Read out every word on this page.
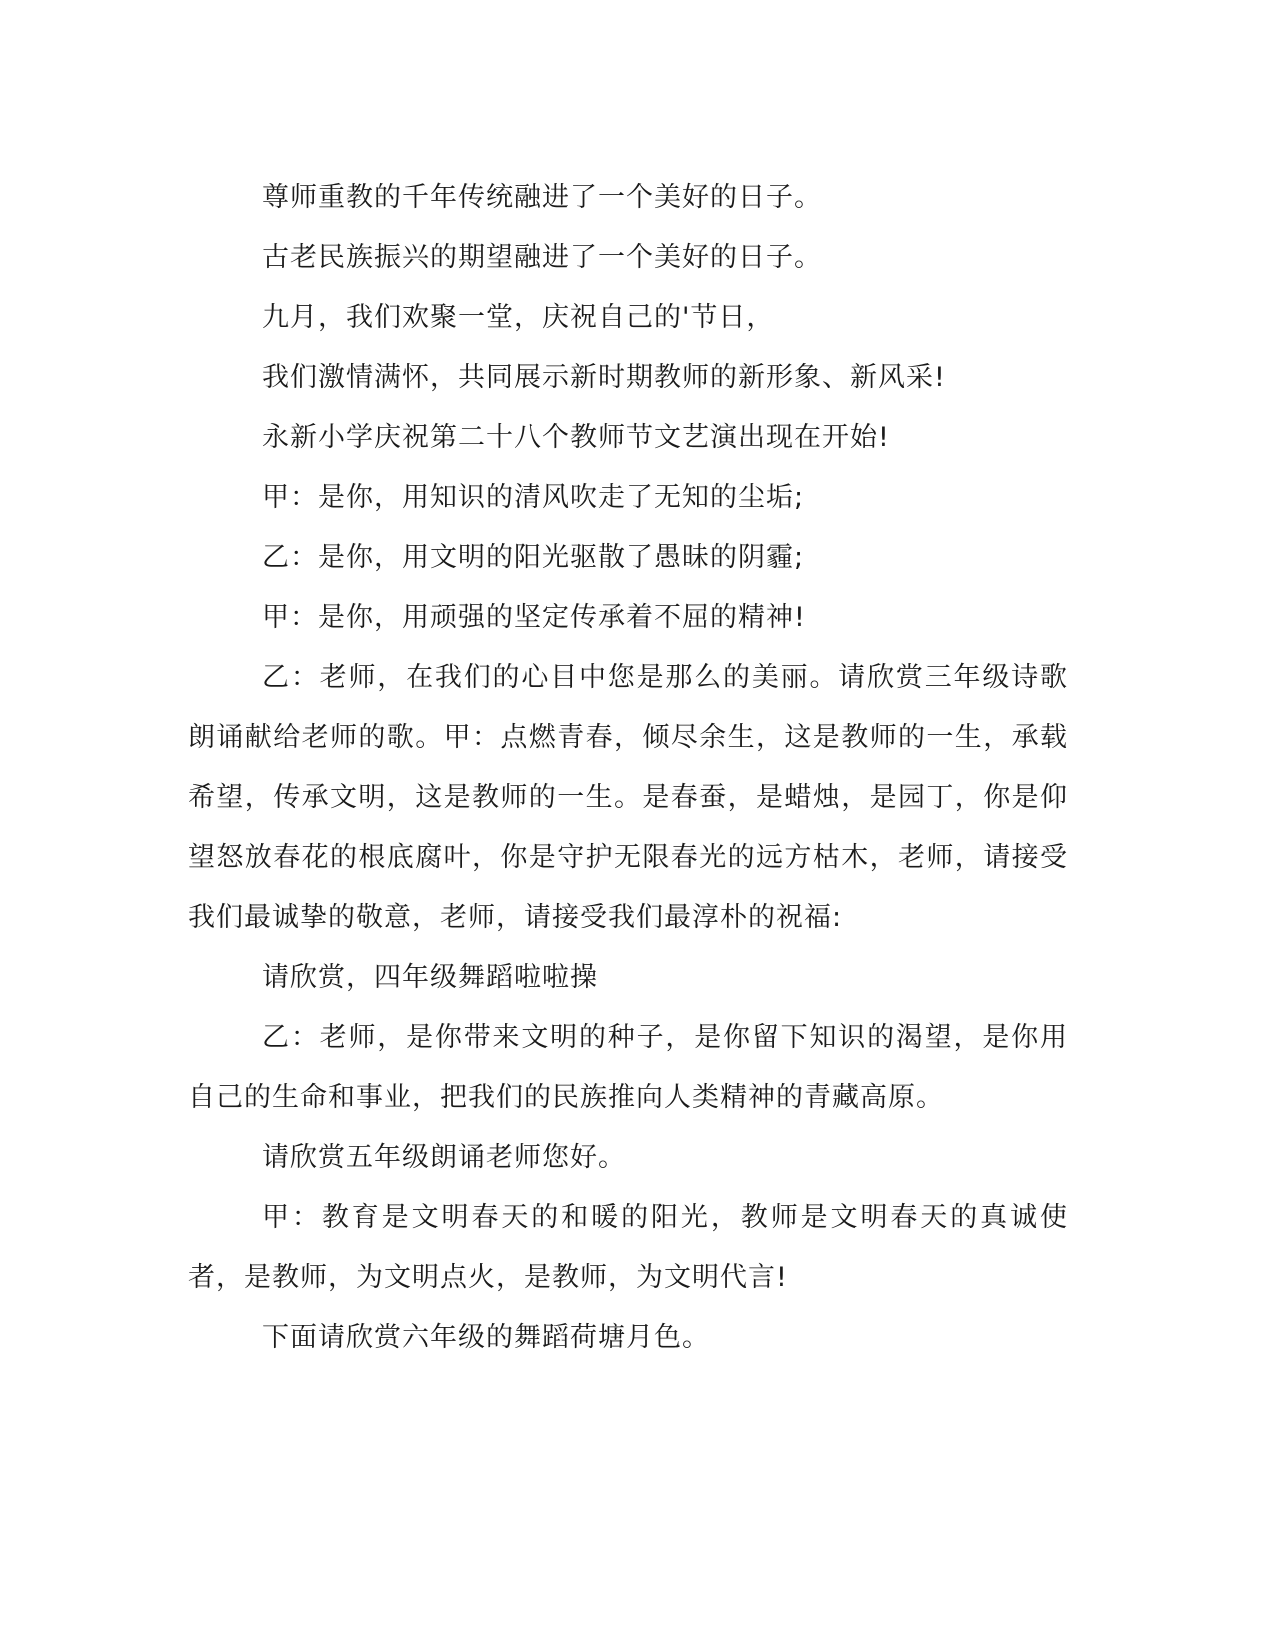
尊师重教的千年传统融进了一个美好的日子。

古老民族振兴的期望融进了一个美好的日子。

九月，我们欢聚一堂，庆祝自己的'节日，

我们激情满怀，共同展示新时期教师的新形象、新风采!

永新小学庆祝第二十八个教师节文艺演出现在开始!

甲：是你，用知识的清风吹走了无知的尘垢;

乙：是你，用文明的阳光驱散了愚昧的阴霾;

甲：是你，用顽强的坚定传承着不屈的精神!

乙：老师，在我们的心目中您是那么的美丽。请欣赏三年级诗歌朗诵献给老师的歌。甲：点燃青春，倾尽余生，这是教师的一生，承载希望，传承文明，这是教师的一生。是春蚕，是蜡烛，是园丁，你是仰望怒放春花的根底腐叶，你是守护无限春光的远方枯木，老师，请接受我们最诚挚的敬意，老师，请接受我们最淳朴的祝福:

请欣赏，四年级舞蹈啦啦操

乙：老师，是你带来文明的种子，是你留下知识的渴望，是你用自己的生命和事业，把我们的民族推向人类精神的青藏高原。

请欣赏五年级朗诵老师您好。

甲：教育是文明春天的和暖的阳光，教师是文明春天的真诚使者，是教师，为文明点火，是教师，为文明代言!

下面请欣赏六年级的舞蹈荷塘月色。
